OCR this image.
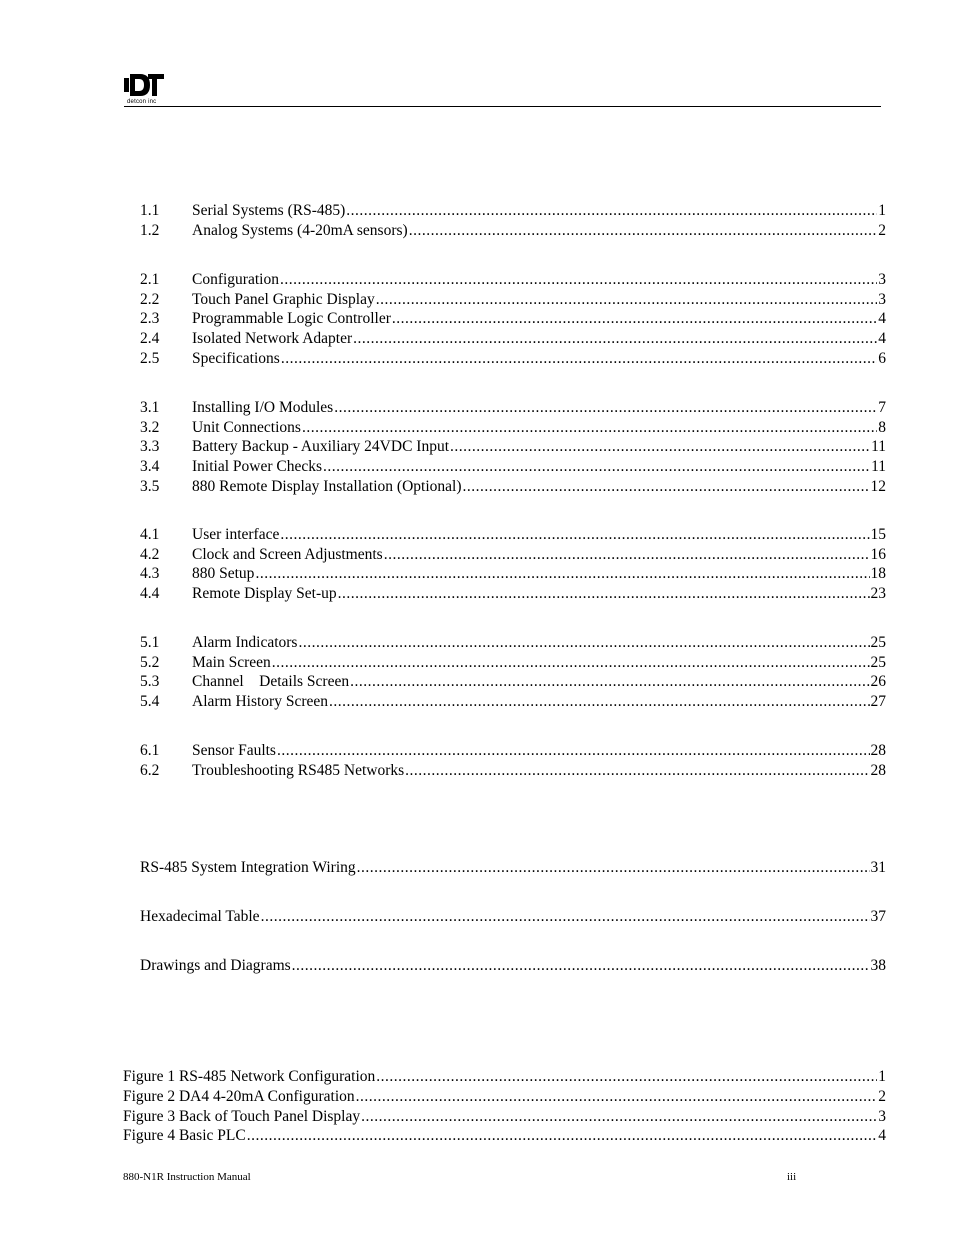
detcon inc
1.1	Serial Systems (RS-485) .....	1
1.2	Analog Systems (4-20mA sensors) .....	2
2.1	Configuration .....	3
2.2	Touch Panel Graphic Display .....	3
2.3	Programmable Logic Controller .....	4
2.4	Isolated Network Adapter .....	4
2.5	Specifications .....	6
3.1	Installing I/O Modules .....	7
3.2	Unit Connections .....	8
3.3	Battery Backup - Auxiliary 24VDC Input .....	11
3.4	Initial Power Checks .....	11
3.5	880 Remote Display Installation (Optional) .....	12
4.1	User interface .....	15
4.2	Clock and Screen Adjustments .....	16
4.3	880 Setup .....	18
4.4	Remote Display Set-up .....	23
5.1	Alarm Indicators .....	25
5.2	Main Screen .....	25
5.3	Channel    Details Screen .....	26
5.4	Alarm History Screen .....	27
6.1	Sensor Faults .....	28
6.2	Troubleshooting RS485 Networks .....	28
RS-485 System Integration Wiring .....	31
Hexadecimal Table .....	37
Drawings and Diagrams .....	38
Figure 1 RS-485 Network Configuration .....	1
Figure 2 DA4 4-20mA Configuration .....	2
Figure 3 Back of Touch Panel Display .....	3
Figure 4 Basic PLC .....	4
880-N1R Instruction Manual	iii
